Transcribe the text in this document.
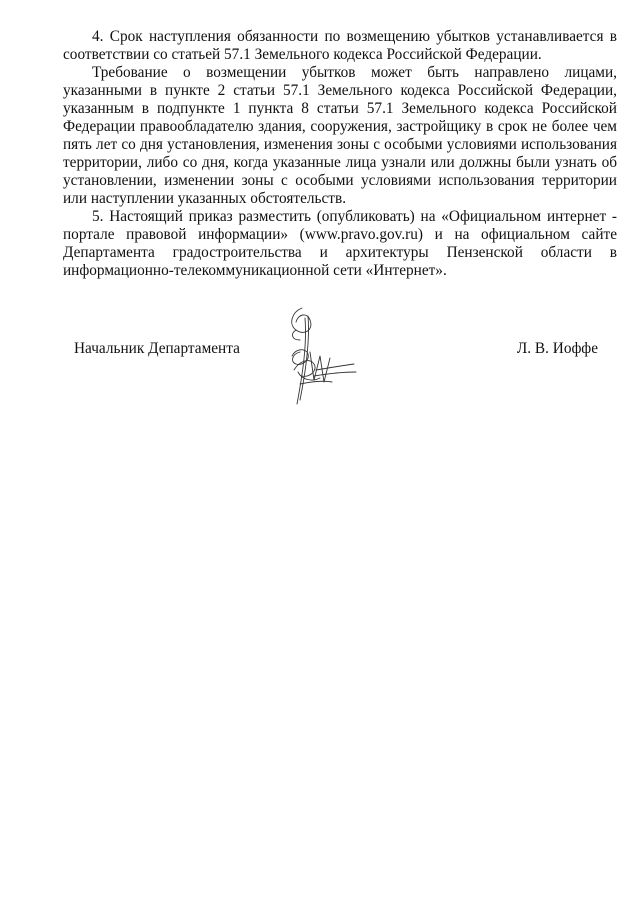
4. Срок наступления обязанности по возмещению убытков устанавливается в соответствии со статьей 57.1 Земельного кодекса Российской Федерации.

Требование о возмещении убытков может быть направлено лицами, указанными в пункте 2 статьи 57.1 Земельного кодекса Российской Федерации, указанным в подпункте 1 пункта 8 статьи 57.1 Земельного кодекса Российской Федерации правообладателю здания, сооружения, застройщику в срок не более чем пять лет со дня установления, изменения зоны с особыми условиями использования территории, либо со дня, когда указанные лица узнали или должны были узнать об установлении, изменении зоны с особыми условиями использования территории или наступлении указанных обстоятельств.

5. Настоящий приказ разместить (опубликовать) на «Официальном интернет - портале правовой информации» (www.pravo.gov.ru) и на официальном сайте Департамента градостроительства и архитектуры Пензенской области в информационно-телекоммуникационной сети «Интернет».

Начальник Департамента	Л. В. Иоффе
